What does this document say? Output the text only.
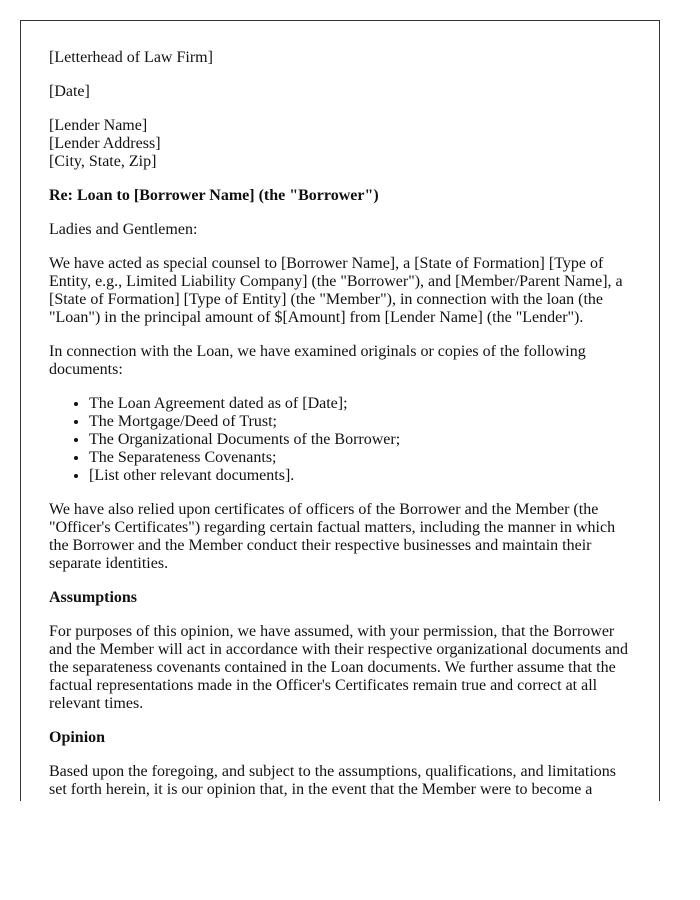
[Letterhead of Law Firm]

[Date]

[Lender Name]
[Lender Address]
[City, State, Zip]

Re: Loan to [Borrower Name] (the "Borrower")

Ladies and Gentlemen:

We have acted as special counsel to [Borrower Name], a [State of Formation] [Type of Entity, e.g., Limited Liability Company] (the "Borrower"), and [Member/Parent Name], a [State of Formation] [Type of Entity] (the "Member"), in connection with the loan (the "Loan") in the principal amount of $[Amount] from [Lender Name] (the "Lender").

In connection with the Loan, we have examined originals or copies of the following documents:

• The Loan Agreement dated as of [Date];
• The Mortgage/Deed of Trust;
• The Organizational Documents of the Borrower;
• The Separateness Covenants;
• [List other relevant documents].

We have also relied upon certificates of officers of the Borrower and the Member (the "Officer's Certificates") regarding certain factual matters, including the manner in which the Borrower and the Member conduct their respective businesses and maintain their separate identities.

Assumptions

For purposes of this opinion, we have assumed, with your permission, that the Borrower and the Member will act in accordance with their respective organizational documents and the separateness covenants contained in the Loan documents. We further assume that the factual representations made in the Officer's Certificates remain true and correct at all relevant times.

Opinion

Based upon the foregoing, and subject to the assumptions, qualifications, and limitations set forth herein, it is our opinion that, in the event that the Member were to become a
